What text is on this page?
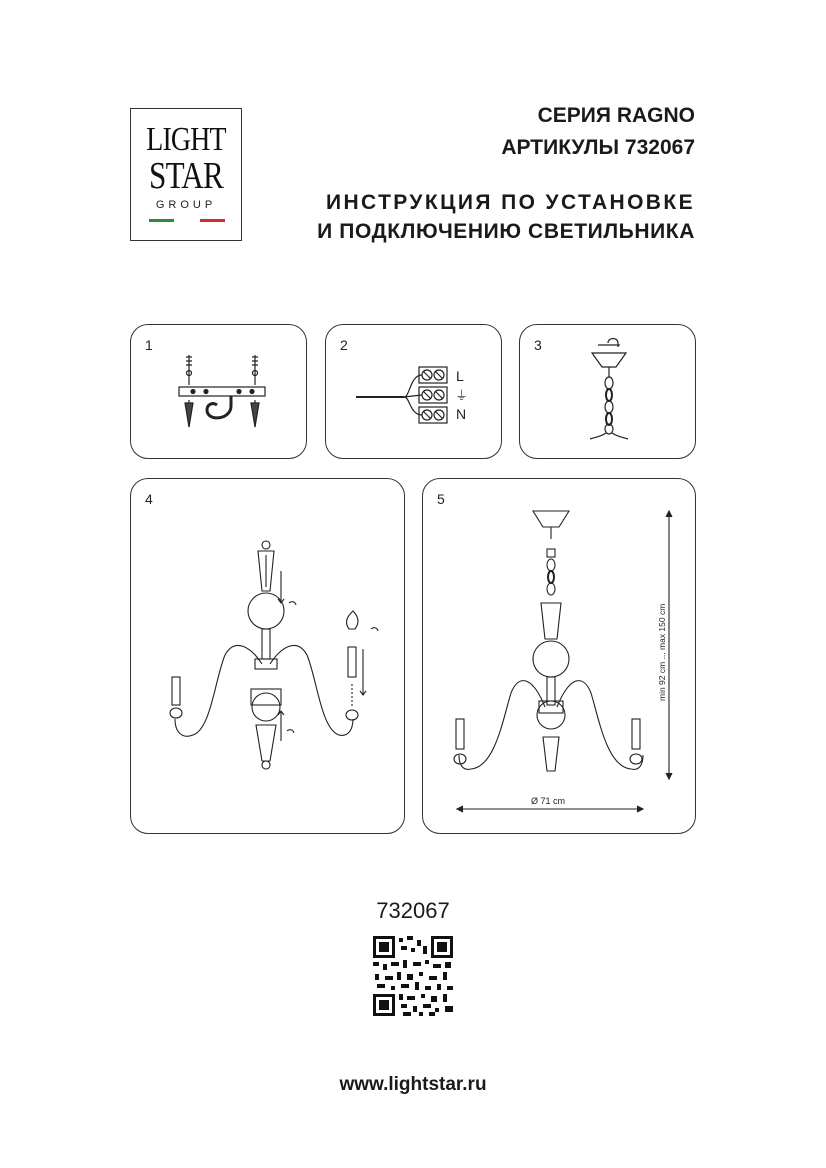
LIGHT
STAR
GROUP
СЕРИЯ RAGNO
АРТИКУЛЫ 732067
ИНСТРУКЦИЯ ПО УСТАНОВКЕ
И ПОДКЛЮЧЕНИЮ СВЕТИЛЬНИКА
1	2
L
⏚
N
3
4	5
min 92 cm ... max 150 cm
Ø 71 cm
732067
www.lightstar.ru
